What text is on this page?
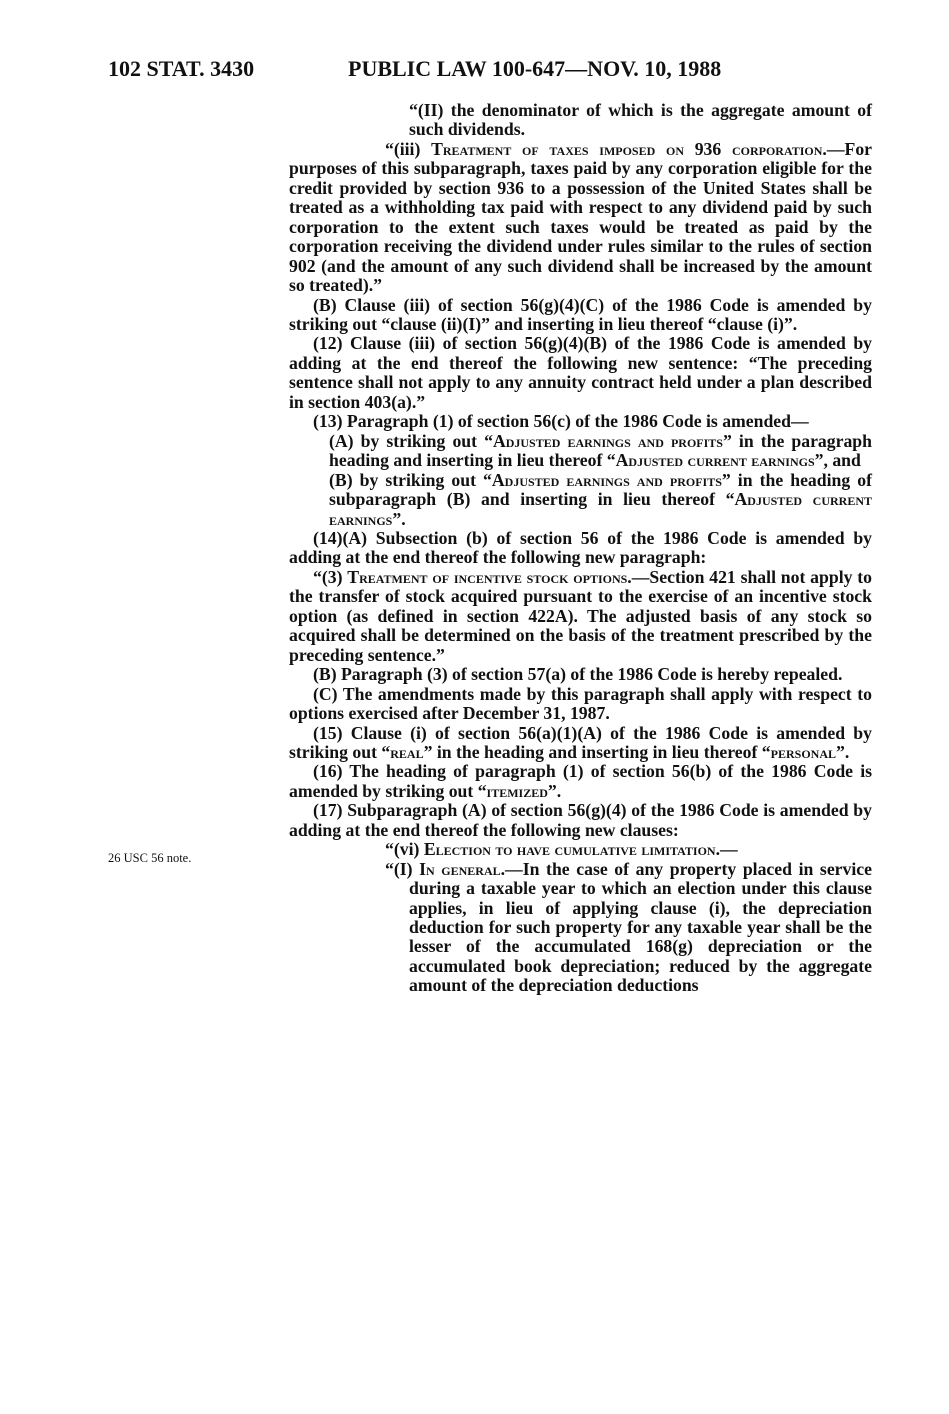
102 STAT. 3430	PUBLIC LAW 100-647—NOV. 10, 1988
26 USC 56 note.

“(II) the denominator of which is the aggregate amount of such dividends.

“(iii) Treatment of taxes imposed on 936 corporation.—For purposes of this subparagraph, taxes paid by any corporation eligible for the credit provided by section 936 to a possession of the United States shall be treated as a withholding tax paid with respect to any dividend paid by such corporation to the extent such taxes would be treated as paid by the corporation receiving the dividend under rules similar to the rules of section 902 (and the amount of any such dividend shall be increased by the amount so treated).”

(B) Clause (iii) of section 56(g)(4)(C) of the 1986 Code is amended by striking out “clause (ii)(I)” and inserting in lieu thereof “clause (i)”.

(12) Clause (iii) of section 56(g)(4)(B) of the 1986 Code is amended by adding at the end thereof the following new sentence: “The preceding sentence shall not apply to any annuity contract held under a plan described in section 403(a).”

(13) Paragraph (1) of section 56(c) of the 1986 Code is amended—

(A) by striking out “Adjusted earnings and profits” in the paragraph heading and inserting in lieu thereof “Adjusted current earnings”, and

(B) by striking out “Adjusted earnings and profits” in the heading of subparagraph (B) and inserting in lieu thereof “Adjusted current earnings”.

(14)(A) Subsection (b) of section 56 of the 1986 Code is amended by adding at the end thereof the following new paragraph:

“(3) Treatment of incentive stock options.—Section 421 shall not apply to the transfer of stock acquired pursuant to the exercise of an incentive stock option (as defined in section 422A). The adjusted basis of any stock so acquired shall be determined on the basis of the treatment prescribed by the preceding sentence.”

(B) Paragraph (3) of section 57(a) of the 1986 Code is hereby repealed.

(C) The amendments made by this paragraph shall apply with respect to options exercised after December 31, 1987.

(15) Clause (i) of section 56(a)(1)(A) of the 1986 Code is amended by striking out “real” in the heading and inserting in lieu thereof “personal”.

(16) The heading of paragraph (1) of section 56(b) of the 1986 Code is amended by striking out “itemized”.

(17) Subparagraph (A) of section 56(g)(4) of the 1986 Code is amended by adding at the end thereof the following new clauses:

“(vi) Election to have cumulative limitation.—

“(I) In general.—In the case of any property placed in service during a taxable year to which an election under this clause applies, in lieu of applying clause (i), the depreciation deduction for such property for any taxable year shall be the lesser of the accumulated 168(g) depreciation or the accumulated book depreciation; reduced by the aggregate amount of the depreciation deductions
